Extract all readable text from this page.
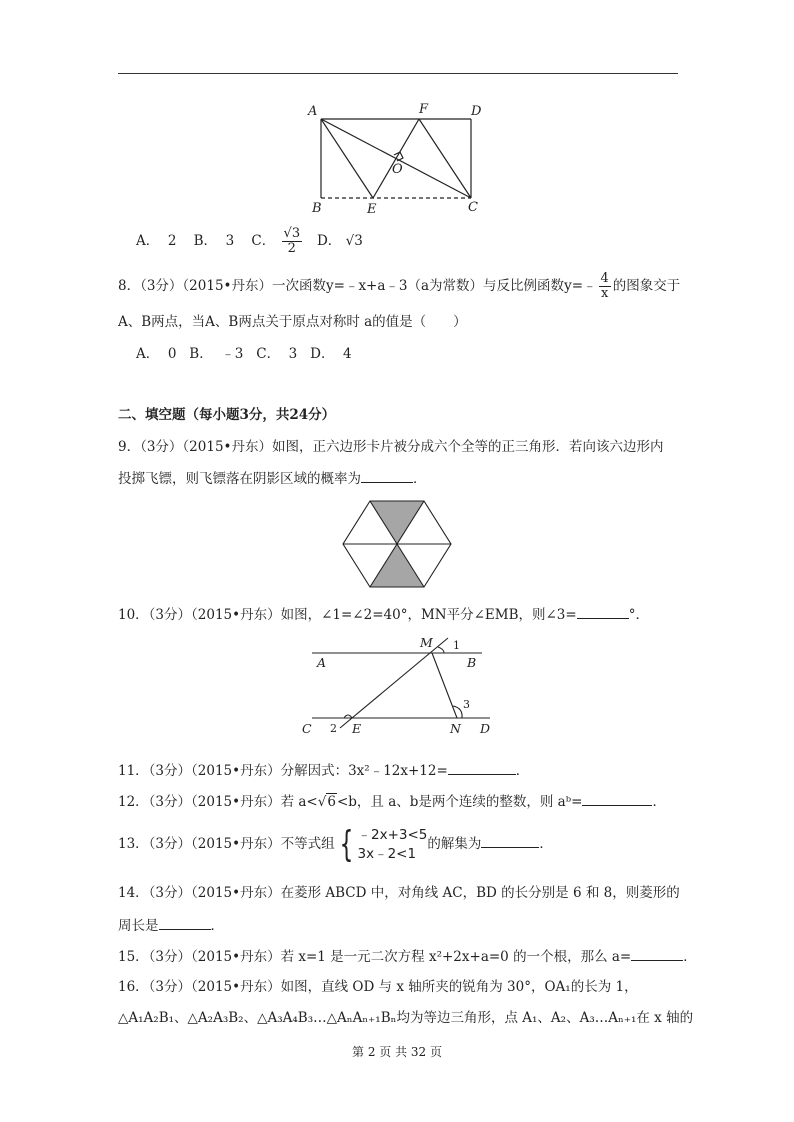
A	F	D
O
B	E	C
A． 2 B． 3 C． $\frac{√3}{2}$ D． √3
8．（3分）（2015•丹东）一次函数y=﹣x+a﹣3（a为常数）与反比例函数y=﹣ $\frac{4}{x}$ 的图象交于
A、B两点，当A、B两点关于原点对称时 a的值是（　　）
A．  0   B．  ﹣3   C．  3   D．  4
二、填空题（每小题3分，共24分）
9．（3分）（2015•丹东）如图，正六边形卡片被分成六个全等的正三角形．若向该六边形内
投掷飞镖，则飞镖落在阴影区域的概率为	．
10．（3分）（2015•丹东）如图，∠1=∠2=40°，MN平分∠EMB，则∠3=	°．
M 1
A	B
3
C 2 E	N D
11．（3分）（2015•丹东）分解因式：3x²﹣12x+12=	．
12．（3分）（2015•丹东）若 a<√6<b，且 a、b是两个连续的整数，则 aᵇ=	．
13．（3分）（2015•丹东）不等式组 { ﹣2x+3<5
3x﹣2<1
的解集为	．
14．（3分）（2015•丹东）在菱形 ABCD 中，对角线 AC，BD 的长分别是 6 和 8，则菱形的
周长是	．
15．（3分）（2015•丹东）若 x=1 是一元二次方程 x²+2x+a=0 的一个根，那么 a=	．
16．（3分）（2015•丹东）如图，直线 OD 与 x 轴所夹的锐角为 30°，OA₁的长为 1，
△A₁A₂B₁、△A₂A₃B₂、△A₃A₄B₃…△AₙAₙ₊₁Bₙ均为等边三角形，点 A₁、A₂、A₃…Aₙ₊₁在 x 轴的
第 2 页 共 32 页
